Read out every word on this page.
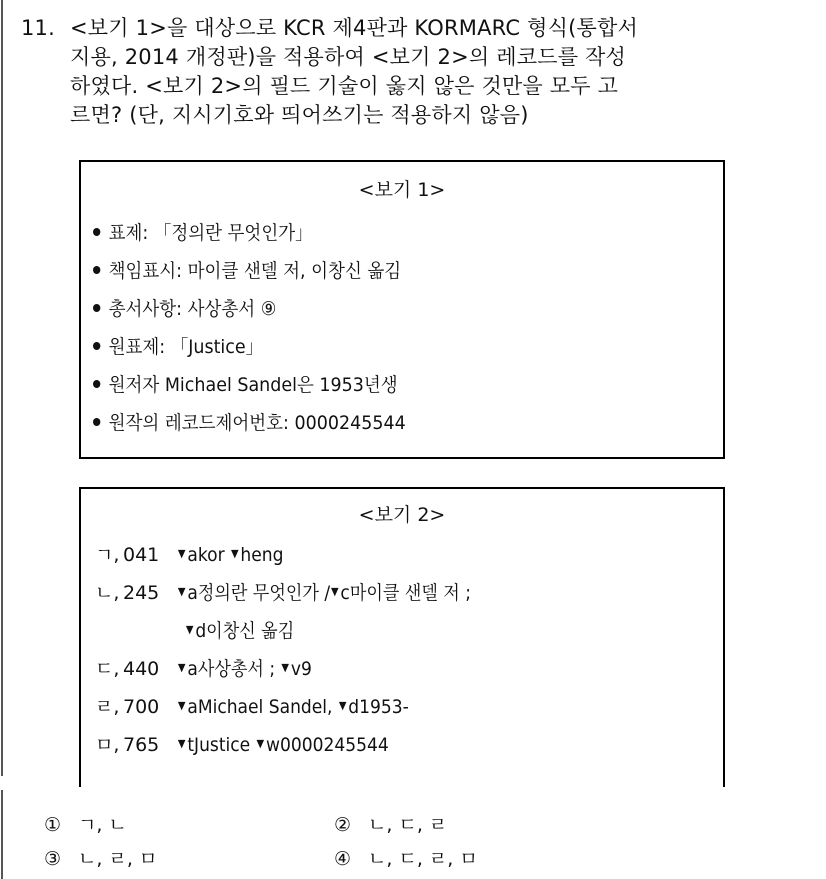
11. <보기 1>을 대상으로 KCR 제4판과 KORMARC 형식(통합서
지용, 2014 개정판)을 적용하여 <보기 2>의 레코드를 작성
하였다. <보기 2>의 필드 기술이 옳지 않은 것만을 모두 고
르면? (단, 지시기호와 띄어쓰기는 적용하지 않음)
<보기 1>
표제: 「정의란 무엇인가」
책임표시: 마이클 샌델 저, 이창신 옮김
총서사항: 사상총서 ⑨
원표제: 「Justice」
원저자 Michael Sandel은 1953년생
원작의 레코드제어번호: 0000245544
<보기 2>
ㄱ, 041 ▼akor ▼heng
ㄴ, 245 ▼a정의란 무엇인가 /▼c마이클 샌델 저 ;
▼d이창신 옮김
ㄷ, 440 ▼a사상총서 ; ▼v9
ㄹ, 700 ▼aMichael Sandel, ▼d1953-
ㅁ, 765 ▼tJustice ▼w0000245544
① ㄱ, ㄴ	② ㄴ, ㄷ, ㄹ
③ ㄴ, ㄹ, ㅁ	④ ㄴ, ㄷ, ㄹ, ㅁ
